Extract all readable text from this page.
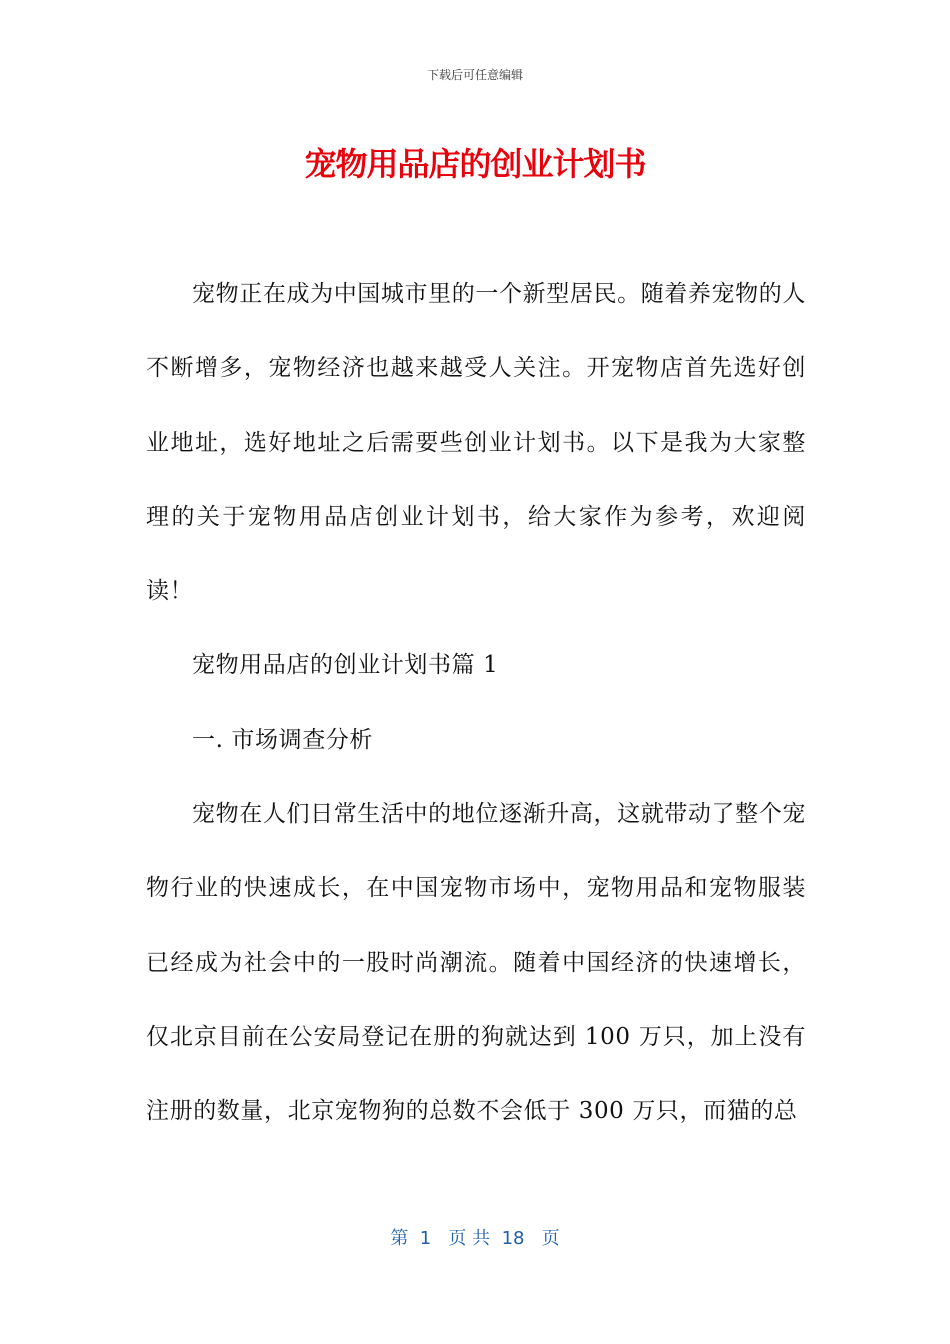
下载后可任意编辑
宠物用品店的创业计划书

宠物正在成为中国城市里的一个新型居民。随着养宠物的人不断增多，宠物经济也越来越受人关注。开宠物店首先选好创业地址，选好地址之后需要些创业计划书。以下是我为大家整理的关于宠物用品店创业计划书，给大家作为参考，欢迎阅读！

宠物用品店的创业计划书篇 1

一. 市场调查分析

宠物在人们日常生活中的地位逐渐升高，这就带动了整个宠物行业的快速成长，在中国宠物市场中，宠物用品和宠物服装已经成为社会中的一股时尚潮流。随着中国经济的快速增长，仅北京目前在公安局登记在册的狗就达到 100 万只，加上没有注册的数量，北京宠物狗的总数不会低于 300 万只，而猫的总

第  1   页 共  18   页
